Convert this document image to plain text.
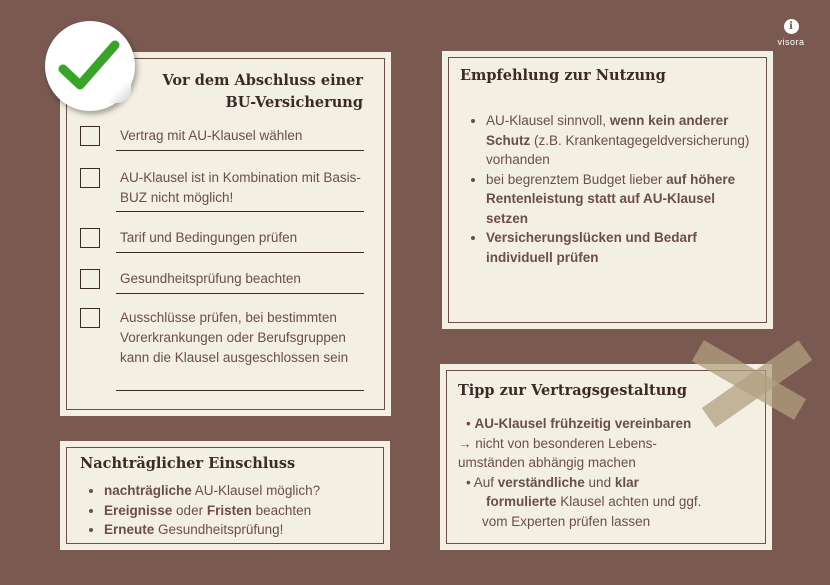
Vor dem Abschluss einer
BU-Versicherung
Vertrag mit AU-Klausel wählen
AU-Klausel ist in Kombination mit Basis-BUZ nicht möglich!
Tarif und Bedingungen prüfen
Gesundheitsprüfung beachten
Ausschlüsse prüfen, bei bestimmten Vorerkrankungen oder Berufsgruppen kann die Klausel ausgeschlossen sein
Empfehlung zur Nutzung
• AU-Klausel sinnvoll, wenn kein anderer Schutz (z.B. Krankentagegeldversicherung) vorhanden
• bei begrenztem Budget lieber auf höhere Rentenleistung statt auf AU-Klausel setzen
• Versicherungslücken und Bedarf individuell prüfen
Nachträglicher Einschluss
• nachträgliche AU-Klausel möglich?
• Ereignisse oder Fristen beachten
• Erneute Gesundheitsprüfung!
Tipp zur Vertragsgestaltung
• AU-Klausel frühzeitig vereinbaren
→ nicht von besonderen Lebens-
umständen abhängig machen
• Auf verständliche und klar
formulierte Klausel achten und ggf.
vom Experten prüfen lassen
i
visora
